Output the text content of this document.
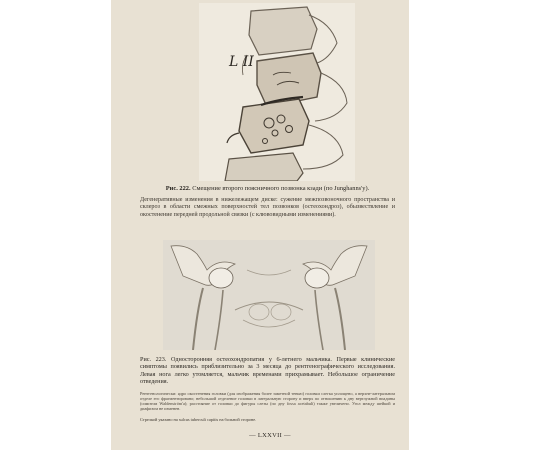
L II

Рис. 222. Смещение второго поясничного позвонка кзади (по Junghanns'у).

Дегенеративные изменения в нижележащем диске: сужение межпозвоночного пространства и склероз в области смежных поверхностей тел позвонков (остеохондроз), обызвествление и окостенение передней продольной связки (с клювовидными изменениями).

Рис. 223. Односторонняя остеохондропатия у 6-летнего мальчика. Первые клинические симптомы появились приблизительно за 3 месяца до рентгенографического исследования. Левая нога легко утомляется, мальчик временами прихрамывает. Небольшое ограничение отведения.

Рентгенологически: ядро окостенения головки (для изображения более заметной тенью) головки слегка уплощено, а верхне-латеральном отделе его фрагментировано; небольшой отделение головки в латеральную сторону и вверх по отношению к дну вертлужной впадины (симптом Waldenström'а); расстояние от головки до фигуры слезы (по дну fossa acetabuli) также увеличено. Угол между шейкой и диафизом не изменен.

Стрелкой указано на sulcus tuberculi capitis на больной стороне.

— LXXVII —
